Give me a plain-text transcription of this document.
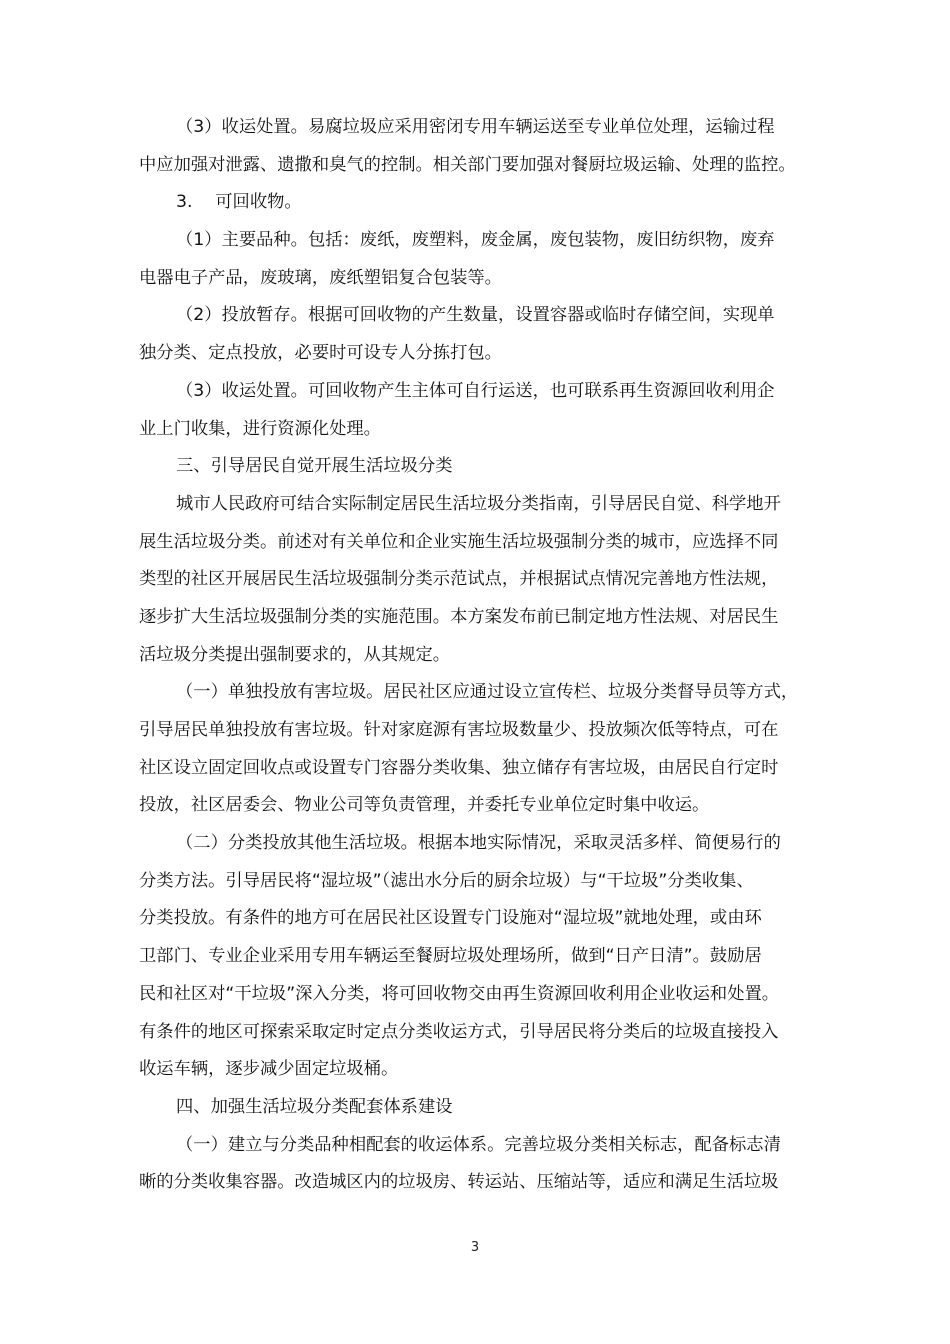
（3）收运处置。易腐垃圾应采用密闭专用车辆运送至专业单位处理，运输过程
中应加强对泄露、遗撒和臭气的控制。相关部门要加强对餐厨垃圾运输、处理的监控。
3.　 可回收物。
（1）主要品种。包括：废纸，废塑料，废金属，废包装物，废旧纺织物，废弃
电器电子产品，废玻璃，废纸塑铝复合包装等。
（2）投放暂存。根据可回收物的产生数量，设置容器或临时存储空间，实现单
独分类、定点投放，必要时可设专人分拣打包。
（3）收运处置。可回收物产生主体可自行运送，也可联系再生资源回收利用企
业上门收集，进行资源化处理。
三、引导居民自觉开展生活垃圾分类
城市人民政府可结合实际制定居民生活垃圾分类指南，引导居民自觉、科学地开
展生活垃圾分类。前述对有关单位和企业实施生活垃圾强制分类的城市，应选择不同
类型的社区开展居民生活垃圾强制分类示范试点，并根据试点情况完善地方性法规，
逐步扩大生活垃圾强制分类的实施范围。本方案发布前已制定地方性法规、对居民生
活垃圾分类提出强制要求的，从其规定。
（一）单独投放有害垃圾。居民社区应通过设立宣传栏、垃圾分类督导员等方式，
引导居民单独投放有害垃圾。针对家庭源有害垃圾数量少、投放频次低等特点，可在
社区设立固定回收点或设置专门容器分类收集、独立储存有害垃圾，由居民自行定时
投放，社区居委会、物业公司等负责管理，并委托专业单位定时集中收运。
（二）分类投放其他生活垃圾。根据本地实际情况，采取灵活多样、简便易行的
分类方法。引导居民将“湿垃圾”（滤出水分后的厨余垃圾）与“干垃圾”分类收集、
分类投放。有条件的地方可在居民社区设置专门设施对“湿垃圾”就地处理，或由环
卫部门、专业企业采用专用车辆运至餐厨垃圾处理场所，做到“日产日清”。鼓励居
民和社区对“干垃圾”深入分类，将可回收物交由再生资源回收利用企业收运和处置。
有条件的地区可探索采取定时定点分类收运方式，引导居民将分类后的垃圾直接投入
收运车辆，逐步减少固定垃圾桶。
四、加强生活垃圾分类配套体系建设
（一）建立与分类品种相配套的收运体系。完善垃圾分类相关标志，配备标志清
晰的分类收集容器。改造城区内的垃圾房、转运站、压缩站等，适应和满足生活垃圾
3
